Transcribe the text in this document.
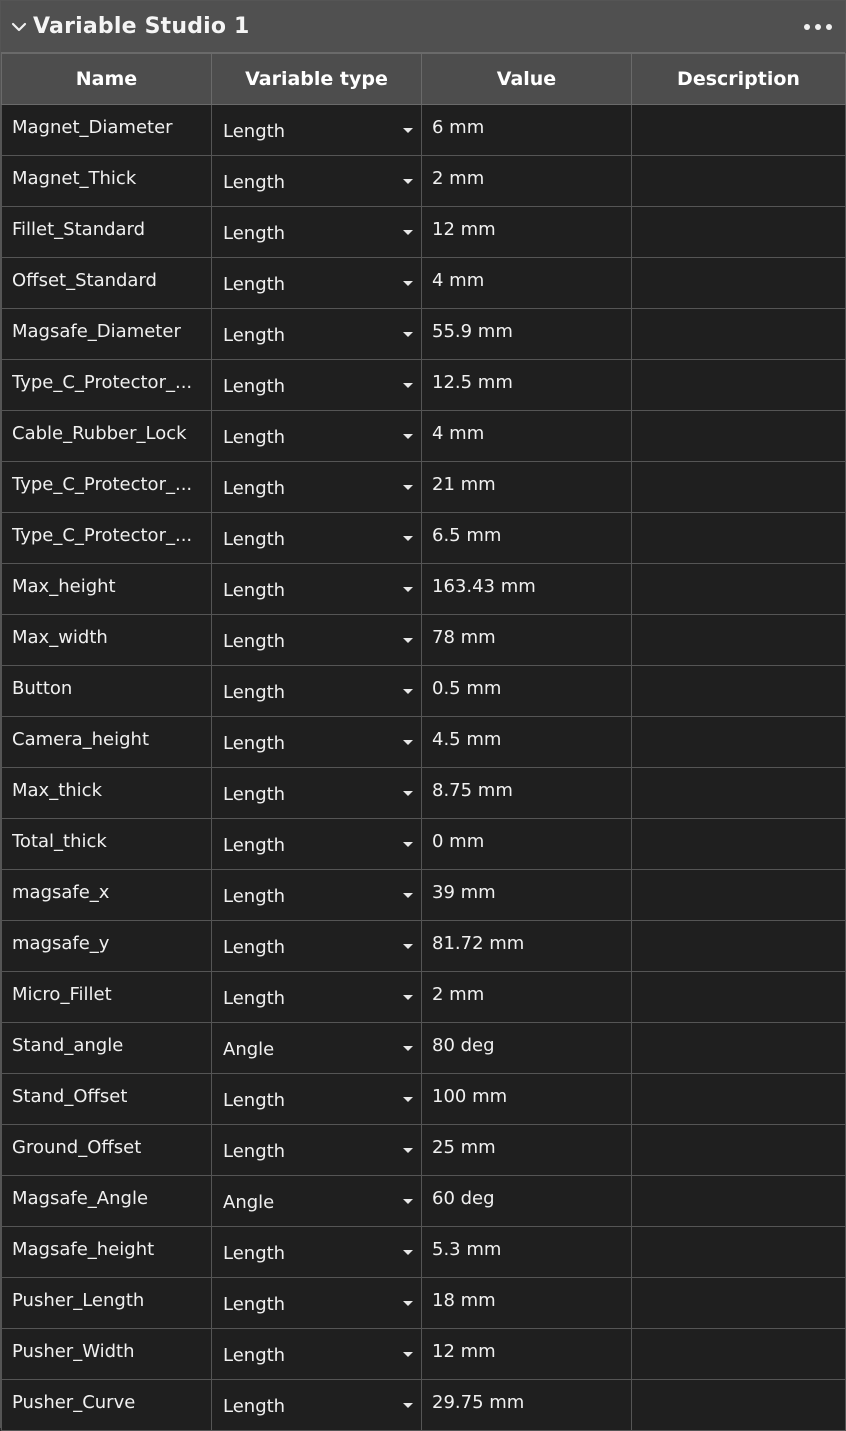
Variable Studio 1
Name	Variable type	Value	Description

Magnet_Diameter	Length	6 mm	

Magnet_Thick	Length	2 mm	

Fillet_Standard	Length	12 mm	

Offset_Standard	Length	4 mm	

Magsafe_Diameter	Length	55.9 mm	

Type_C_Protector_...	Length	12.5 mm	

Cable_Rubber_Lock	Length	4 mm	

Type_C_Protector_...	Length	21 mm	

Type_C_Protector_...	Length	6.5 mm	

Max_height	Length	163.43 mm	

Max_width	Length	78 mm	

Button	Length	0.5 mm	

Camera_height	Length	4.5 mm	

Max_thick	Length	8.75 mm	

Total_thick	Length	0 mm	

magsafe_x	Length	39 mm	

magsafe_y	Length	81.72 mm	

Micro_Fillet	Length	2 mm	

Stand_angle	Angle	80 deg	

Stand_Offset	Length	100 mm	

Ground_Offset	Length	25 mm	

Magsafe_Angle	Angle	60 deg	

Magsafe_height	Length	5.3 mm	

Pusher_Length	Length	18 mm	

Pusher_Width	Length	12 mm	

Pusher_Curve	Length	29.75 mm	
